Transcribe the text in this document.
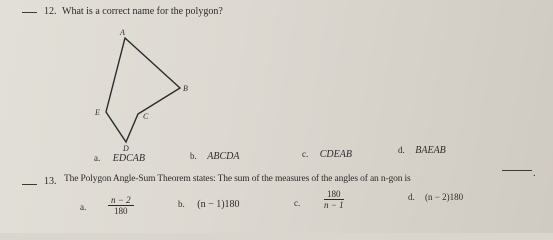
12. What is a correct name for the polygon?
A
B
C
D
E
a. EDCAB	b. ABCDA	c. CDEAB	d. BAEAB
13. The Polygon Angle-Sum Theorem states: The sum of the measures of the angles of an n-gon is	.
a. $\frac{n - 2}{180}$	b. (n − 1)180	c.	$\frac{180}{n - 1}$	d. (n − 2)180
